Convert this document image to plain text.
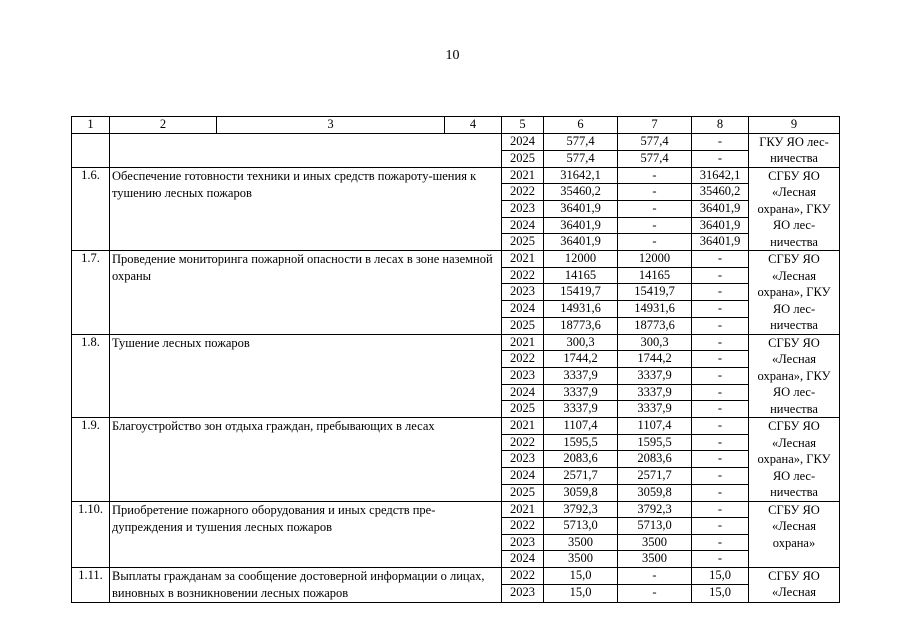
10
1	2	3	4	5	6	7	8	9
				2024	577,4	577,4	-	ГКУ ЯО лес-ничества
				2025	577,4	577,4	-	
1.6.	Обеспечение готовности техники и иных средств пожароту-шения к тушению лесных пожаров			2021	31642,1	-	31642,1	СГБУ ЯО «Лесная охрана», ГКУ ЯО лес-ничества
				2022	35460,2	-	35460,2	
				2023	36401,9	-	36401,9	
				2024	36401,9	-	36401,9	
				2025	36401,9	-	36401,9	
1.7.	Проведение мониторинга пожарной опасности в лесах в зоне наземной охраны			2021	12000	12000	-	СГБУ ЯО «Лесная охрана», ГКУ ЯО лес-ничества
				2022	14165	14165	-	
				2023	15419,7	15419,7	-	
				2024	14931,6	14931,6	-	
				2025	18773,6	18773,6	-	
1.8.	Тушение лесных пожаров			2021	300,3	300,3	-	СГБУ ЯО «Лесная охрана», ГКУ ЯО лес-ничества
				2022	1744,2	1744,2	-	
				2023	3337,9	3337,9	-	
				2024	3337,9	3337,9	-	
				2025	3337,9	3337,9	-	
1.9.	Благоустройство зон отдыха граждан, пребывающих в лесах			2021	1107,4	1107,4	-	СГБУ ЯО «Лесная охрана», ГКУ ЯО лес-ничества
				2022	1595,5	1595,5	-	
				2023	2083,6	2083,6	-	
				2024	2571,7	2571,7	-	
				2025	3059,8	3059,8	-	
1.10.	Приобретение пожарного оборудования и иных средств пре-дупреждения и тушения лесных пожаров			2021	3792,3	3792,3	-	СГБУ ЯО «Лесная охрана»
				2022	5713,0	5713,0	-	
				2023	3500	3500	-	
				2024	3500	3500	-	
1.11.	Выплаты гражданам за сообщение достоверной информации о лицах, виновных в возникновении лесных пожаров			2022	15,0	-	15,0	СГБУ ЯО «Лесная
				2023	15,0	-	15,0	
